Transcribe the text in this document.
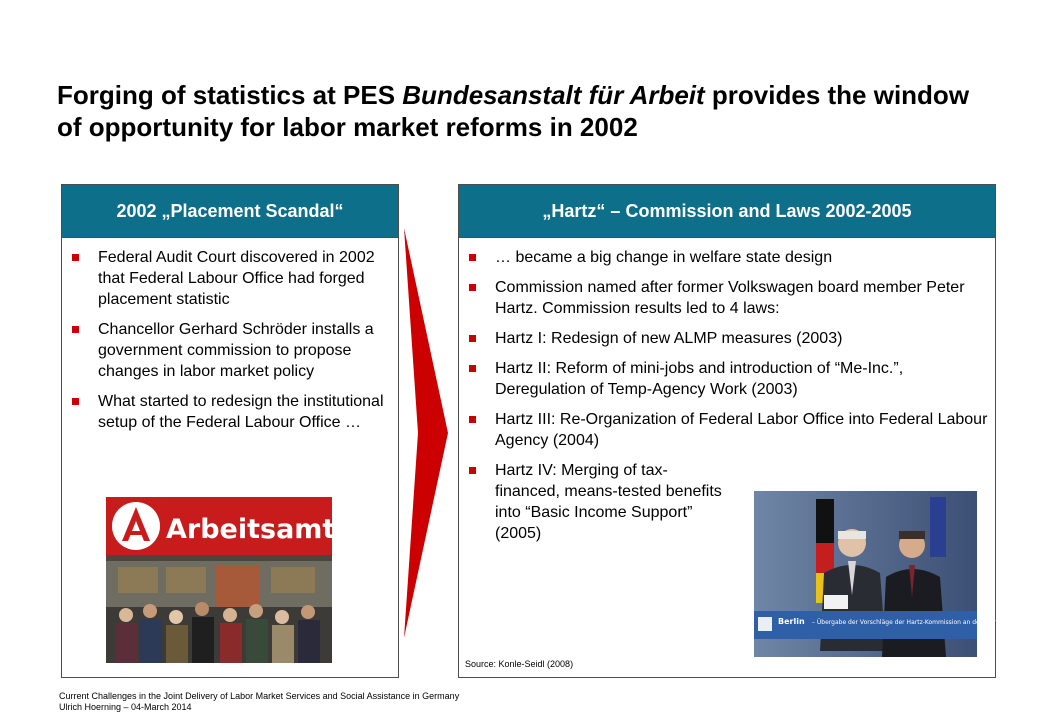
Forging of statistics at PES Bundesanstalt für Arbeit provides the window of opportunity for labor market reforms in 2002
2002 „Placement Scandal“
Federal Audit Court discovered in 2002 that Federal Labour Office had forged placement statistic
Chancellor Gerhard Schröder installs a government commission to propose changes in labor market policy
What started to redesign the institutional setup of the Federal Labour Office …
Arbeitsamt
„Hartz“ – Commission and Laws 2002-2005
… became a big change in welfare state design
Commission named after former Volkswagen board member Peter Hartz. Commission results led to 4 laws:
Hartz I: Redesign of new ALMP measures (2003)
Hartz II: Reform of mini-jobs and introduction of “Me-Inc.”, Deregulation of Temp-Agency Work (2003)
Hartz III: Re-Organization of Federal Labor Office into Federal Labour Agency (2004)
Hartz IV: Merging of tax-financed, means-tested benefits into “Basic Income Support” (2005)
Source: Konle-Seidl (2008)
Berlin – Übergabe der Vorschläge der Hartz-Kommission an den Bundeskanzler
Current Challenges in the Joint Delivery of Labor Market Services and Social Assistance in Germany
Ulrich Hoerning – 04-March 2014
